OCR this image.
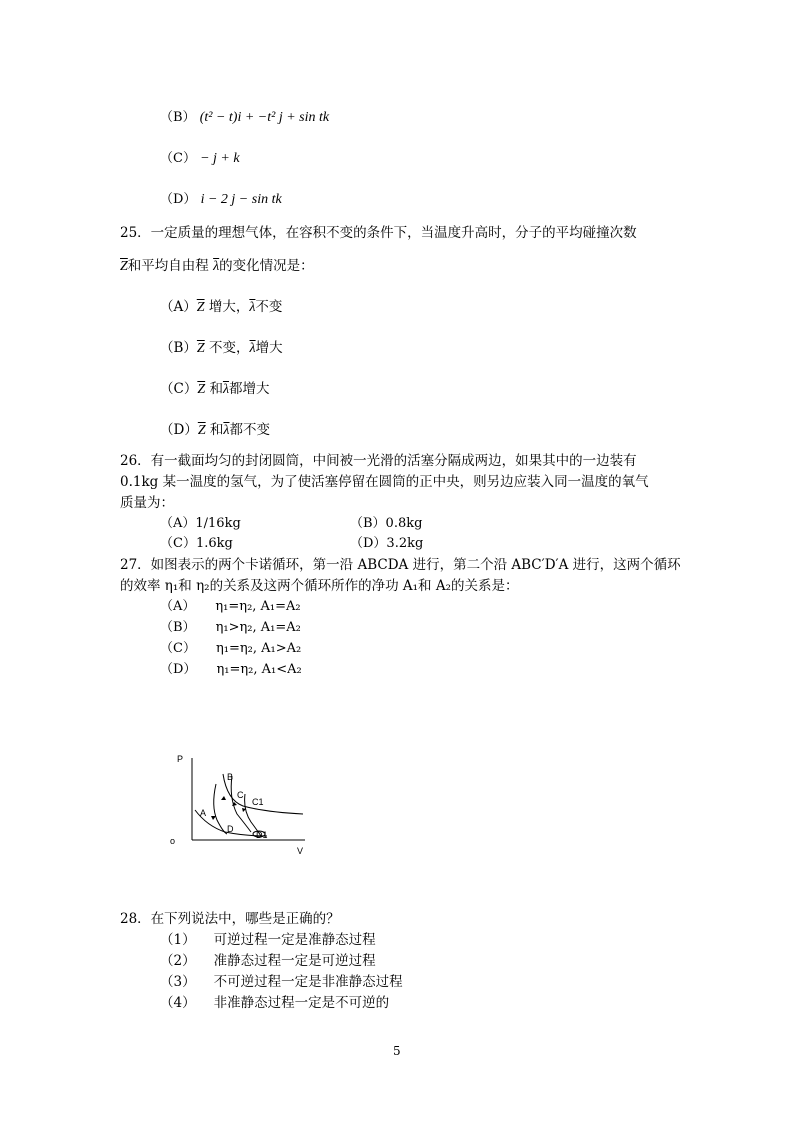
（B） (t² − t)i + −t² j + sin tk
（C） − j + k
（D） i − 2 j − sin tk
25．一定质量的理想气体，在容积不变的条件下，当温度升高时，分子的平均碰撞次数
$\overline{Z}$和平均自由程 $\overline{\lambda}$的变化情况是：
$(A)\overline{Z}$ 增大，$\overline{\lambda}$不变
$(B)\overline{Z}$ 不变，$\overline{\lambda}$增大
$(C)\overline{Z}$ 和$\overline{\lambda}$都增大
$(D)\overline{Z}$ 和$\overline{\lambda}$都不变
26．有一截面均匀的封闭圆筒，中间被一光滑的活塞分隔成两边，如果其中的一边装有
0.1kg 某一温度的氢气，为了使活塞停留在圆筒的正中央，则另边应装入同一温度的氧气
质量为：
（A）1/16kg	（B）0.8kg
（C）1.6kg	（D）3.2kg
27．如图表示的两个卡诺循环，第一沿 ABCDA 进行，第二个沿 ABC′D′A 进行，这两个循环
的效率 η₁和 η₂的关系及这两个循环所作的净功 A₁和 A₂的关系是：
（A） η₁=η₂, A₁=A₂
（B） η₁>η₂, A₁=A₂
（C） η₁=η₂, A₁>A₂
（D） η₁=η₂, A₁<A₂
P
V
o
A
B
C
C1
D
D1
28．在下列说法中，哪些是正确的？
（1） 可逆过程一定是准静态过程
（2） 准静态过程一定是可逆过程
（3） 不可逆过程一定是非准静态过程
（4） 非准静态过程一定是不可逆的
5
